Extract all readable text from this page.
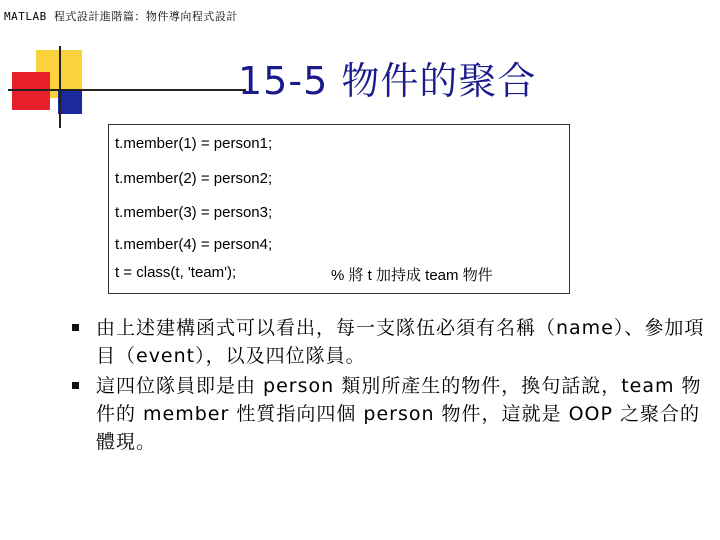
MATLAB 程式設計進階篇：物件導向程式設計
15-5 物件的聚合
t.member(1) = person1;
t.member(2) = person2;
t.member(3) = person3;
t.member(4) = person4;
t = class(t, 'team');	% 將 t 加持成 team 物件
由上述建構函式可以看出，每一支隊伍必須有名稱（name）、參加項目（event），以及四位隊員。
這四位隊員即是由 person 類別所產生的物件，換句話說，team 物件的 member 性質指向四個 person 物件，這就是 OOP 之聚合的體現。
